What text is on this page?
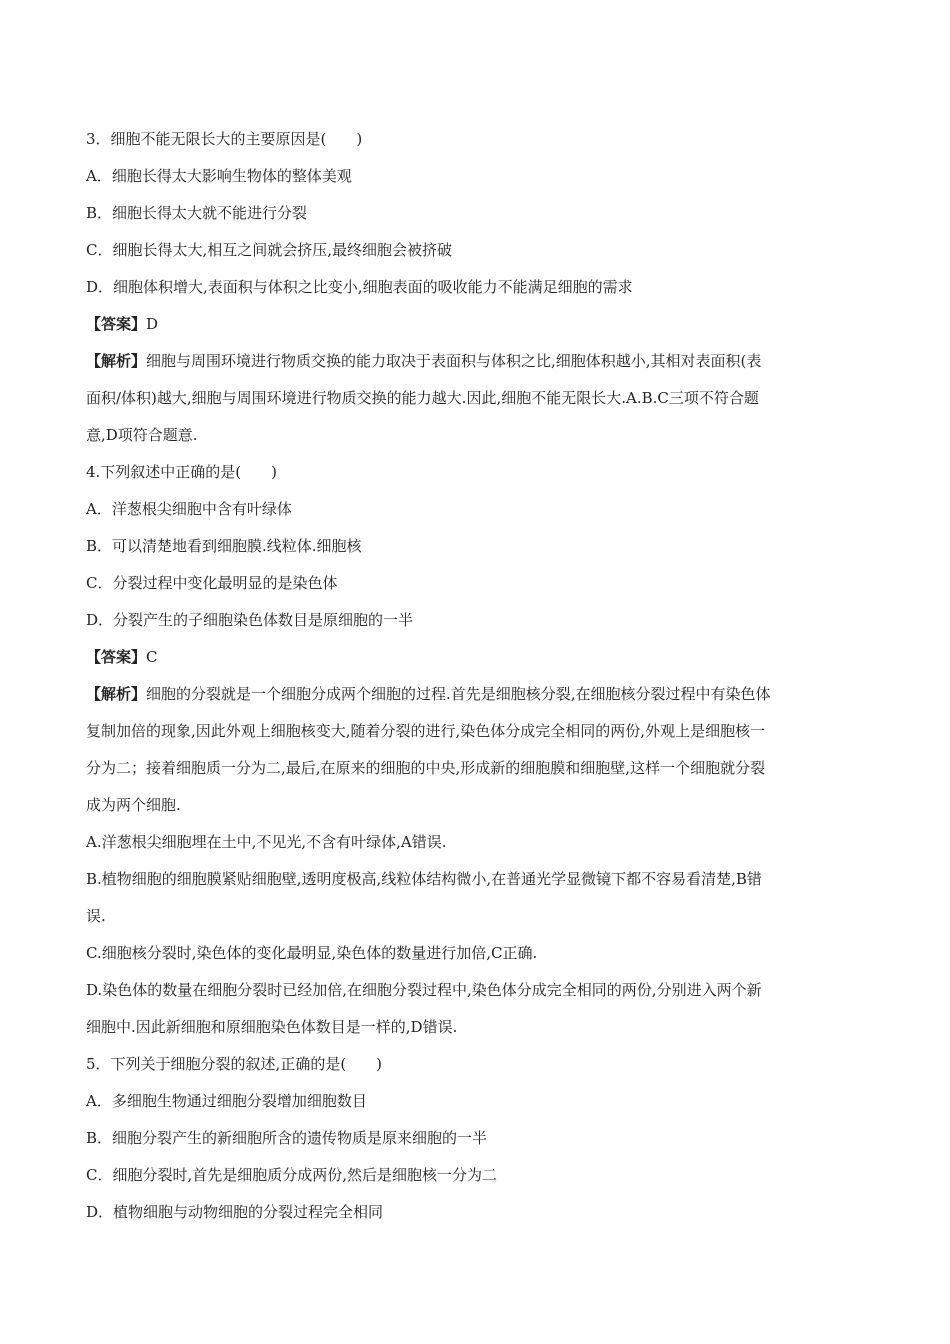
3．细胞不能无限长大的主要原因是(　　)
A．细胞长得太大影响生物体的整体美观
B．细胞长得太大就不能进行分裂
C．细胞长得太大,相互之间就会挤压,最终细胞会被挤破
D．细胞体积增大,表面积与体积之比变小,细胞表面的吸收能力不能满足细胞的需求
【答案】D
【解析】细胞与周围环境进行物质交换的能力取决于表面积与体积之比,细胞体积越小,其相对表面积(表
面积/体积)越大,细胞与周围环境进行物质交换的能力越大.因此,细胞不能无限长大.A.B.C三项不符合题
意,D项符合题意.
4.下列叙述中正确的是(　　)
A．洋葱根尖细胞中含有叶绿体
B．可以清楚地看到细胞膜.线粒体.细胞核
C．分裂过程中变化最明显的是染色体
D．分裂产生的子细胞染色体数目是原细胞的一半
【答案】C
【解析】细胞的分裂就是一个细胞分成两个细胞的过程.首先是细胞核分裂,在细胞核分裂过程中有染色体
复制加倍的现象,因此外观上细胞核变大,随着分裂的进行,染色体分成完全相同的两份,外观上是细胞核一
分为二；接着细胞质一分为二,最后,在原来的细胞的中央,形成新的细胞膜和细胞壁,这样一个细胞就分裂
成为两个细胞.
A.洋葱根尖细胞埋在土中,不见光,不含有叶绿体,A错误.
B.植物细胞的细胞膜紧贴细胞壁,透明度极高,线粒体结构微小,在普通光学显微镜下都不容易看清楚,B错
误.
C.细胞核分裂时,染色体的变化最明显,染色体的数量进行加倍,C正确.
D.染色体的数量在细胞分裂时已经加倍,在细胞分裂过程中,染色体分成完全相同的两份,分别进入两个新
细胞中.因此新细胞和原细胞染色体数目是一样的,D错误.
5．下列关于细胞分裂的叙述,正确的是(　　)
A．多细胞生物通过细胞分裂增加细胞数目
B．细胞分裂产生的新细胞所含的遗传物质是原来细胞的一半
C．细胞分裂时,首先是细胞质分成两份,然后是细胞核一分为二
D．植物细胞与动物细胞的分裂过程完全相同
